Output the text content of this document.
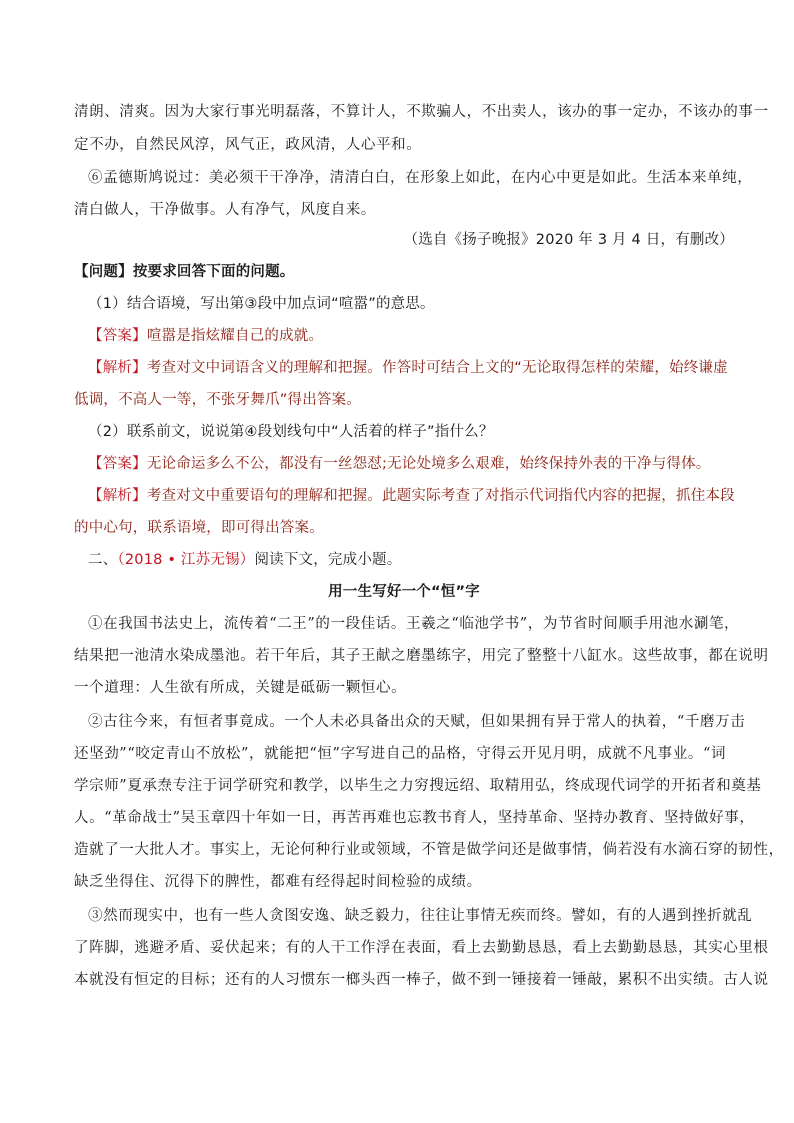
清朗、清爽。因为大家行事光明磊落，不算计人，不欺骗人，不出卖人，该办的事一定办，不该办的事一
定不办，自然民风淳，风气正，政风清，人心平和。
⑥孟德斯鸠说过：美必须干干净净，清清白白，在形象上如此，在内心中更是如此。生活本来单纯，
清白做人，干净做事。人有净气，风度自来。
（选自《扬子晚报》2020 年 3 月 4 日，有删改）
【问题】按要求回答下面的问题。
（1）结合语境，写出第③段中加点词“喧嚣”的意思。
【答案】喧嚣是指炫耀自己的成就。
【解析】考查对文中词语含义的理解和把握。作答时可结合上文的“无论取得怎样的荣耀，始终谦虚
低调，不高人一等，不张牙舞爪”得出答案。
（2）联系前文，说说第④段划线句中“人活着的样子”指什么？
【答案】无论命运多么不公，都没有一丝怨怼;无论处境多么艰难，始终保持外表的干净与得体。
【解析】考查对文中重要语句的理解和把握。此题实际考查了对指示代词指代内容的把握，抓住本段
的中心句，联系语境，即可得出答案。
二、（2018 • 江苏无锡）阅读下文，完成小题。
用一生写好一个“恒”字
①在我国书法史上，流传着“二王”的一段佳话。王羲之“临池学书”，为节省时间顺手用池水涮笔，
结果把一池清水染成墨池。若干年后，其子王献之磨墨练字，用完了整整十八缸水。这些故事，都在说明
一个道理：人生欲有所成，关键是砥砺一颗恒心。
②古往今来，有恒者事竟成。一个人未必具备出众的天赋，但如果拥有异于常人的执着，“千磨万击
还坚劲”“咬定青山不放松”，就能把“恒”字写进自己的品格，守得云开见月明，成就不凡事业。“词
学宗师”夏承焘专注于词学研究和教学，以毕生之力穷搜远绍、取精用弘，终成现代词学的开拓者和奠基
人。“革命战士”吴玉章四十年如一日，再苦再难也忘教书育人，坚持革命、坚持办教育、坚持做好事，
造就了一大批人才。事实上，无论何种行业或领域，不管是做学问还是做事情，倘若没有水滴石穿的韧性，
缺乏坐得住、沉得下的脾性，都难有经得起时间检验的成绩。
③然而现实中，也有一些人贪图安逸、缺乏毅力，往往让事情无疾而终。譬如，有的人遇到挫折就乱
了阵脚，逃避矛盾、妥伏起来；有的人干工作浮在表面，看上去勤勤恳恳，看上去勤勤恳恳，其实心里根
本就没有恒定的目标；还有的人习惯东一榔头西一棒子，做不到一锤接着一锤敲，累积不出实绩。古人说
